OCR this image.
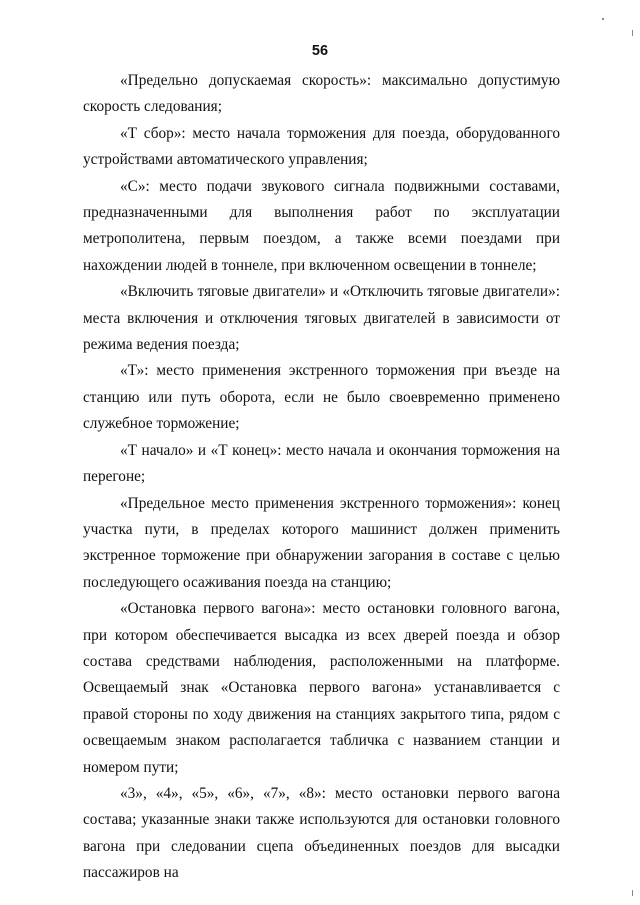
56

«Предельно допускаемая скорость»: максимально допустимую скорость следования;

«Т сбор»: место начала торможения для поезда, оборудованного устройствами автоматического управления;

«С»: место подачи звукового сигнала подвижными составами, предназначенными для выполнения работ по эксплуатации метрополитена, первым поездом, а также всеми поездами при нахождении людей в тоннеле, при включенном освещении в тоннеле;

«Включить тяговые двигатели» и «Отключить тяговые двигатели»: места включения и отключения тяговых двигателей в зависимости от режима ведения поезда;

«Т»: место применения экстренного торможения при въезде на станцию или путь оборота, если не было своевременно применено служебное торможение;

«Т начало» и «Т конец»: место начала и окончания торможения на перегоне;

«Предельное место применения экстренного торможения»: конец участка пути, в пределах которого машинист должен применить экстренное торможение при обнаружении загорания в составе с целью последующего осаживания поезда на станцию;

«Остановка первого вагона»: место остановки головного вагона, при котором обеспечивается высадка из всех дверей поезда и обзор состава средствами наблюдения, расположенными на платформе. Освещаемый знак «Остановка первого вагона» устанавливается с правой стороны по ходу движения на станциях закрытого типа, рядом с освещаемым знаком располагается табличка с названием станции и номером пути;

«3», «4», «5», «6», «7», «8»: место остановки первого вагона состава; указанные знаки также используются для остановки головного вагона при следовании сцепа объединенных поездов для высадки пассажиров на
